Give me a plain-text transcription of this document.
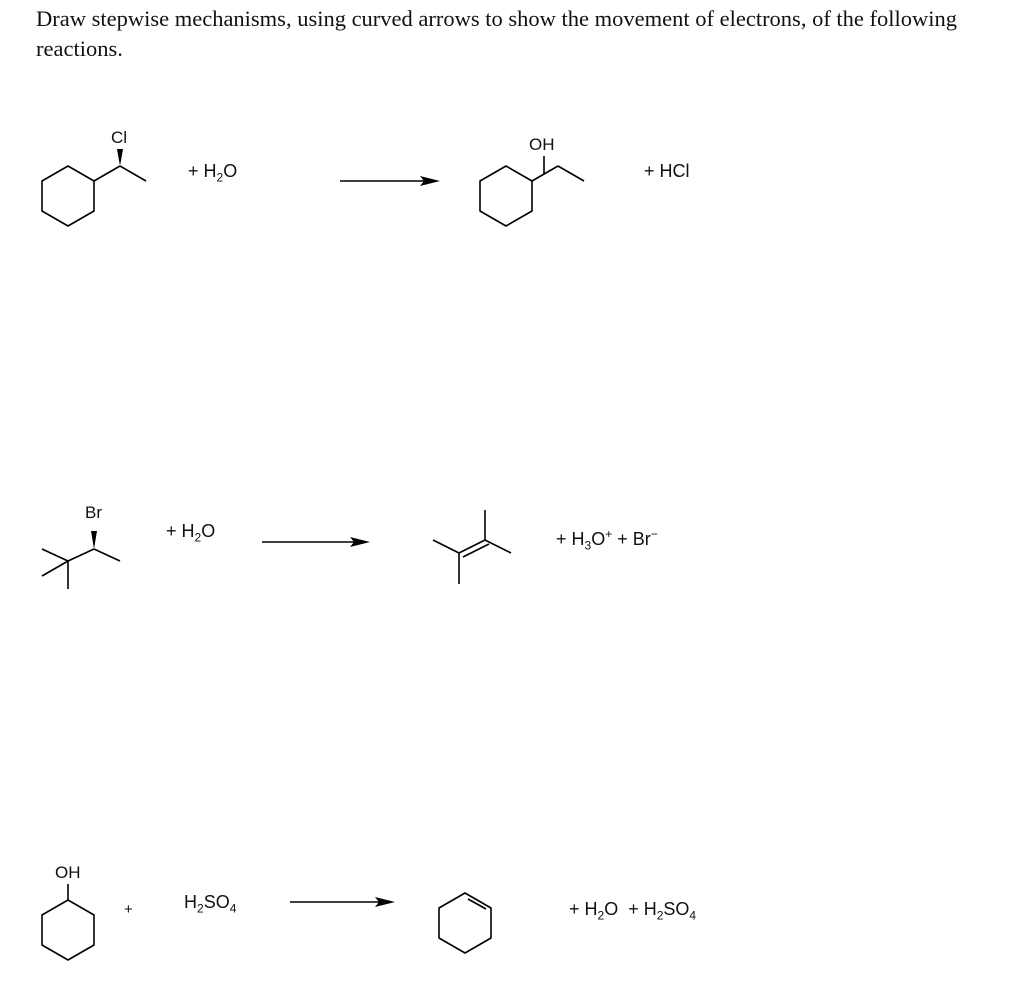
Draw stepwise mechanisms, using curved arrows to show the movement of electrons, of the following reactions.
Cl
+ $H_2O$
OH
+ HCl
Br
+ $H_2O$	+ $H_3O^+ + Br^-$
OH
+	$H_2SO_4$	+ $H_2O + H_2SO_4$
